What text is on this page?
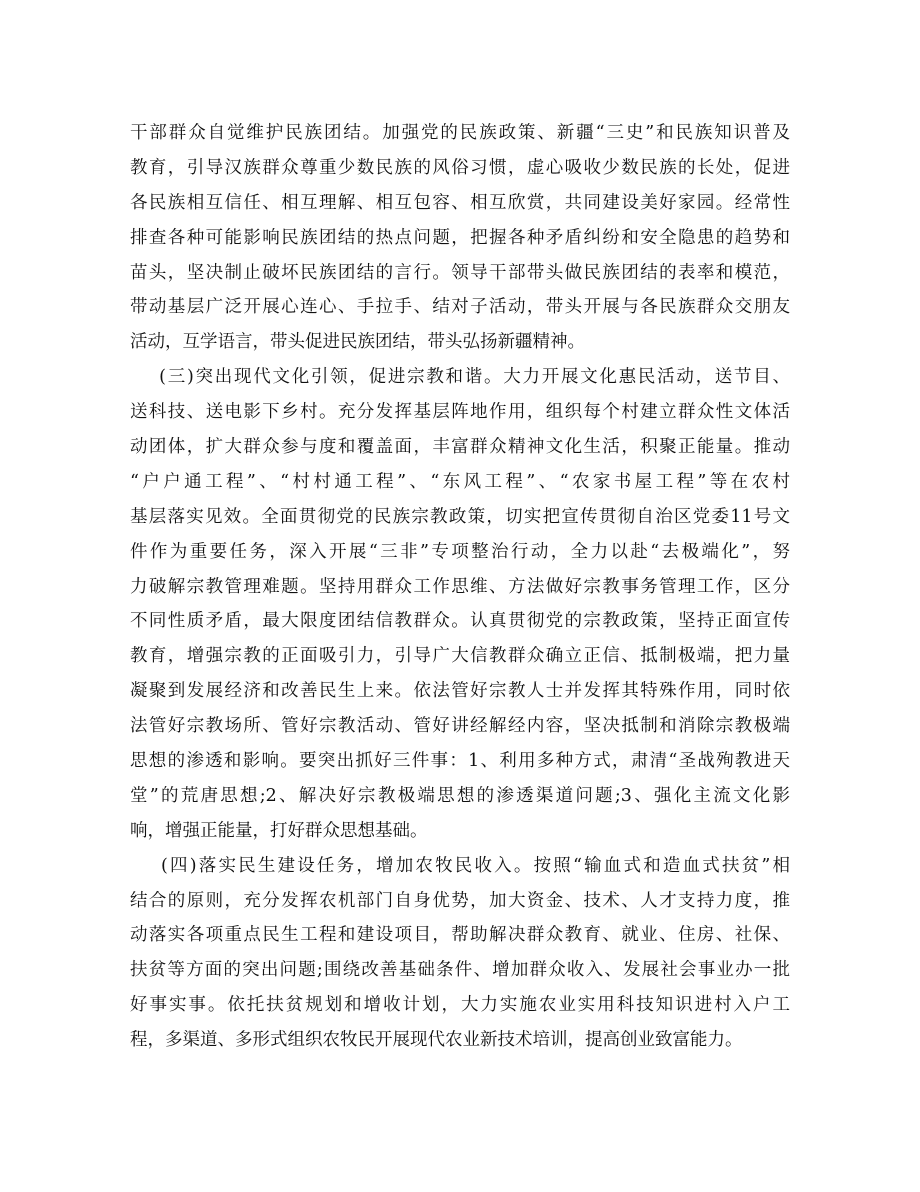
干部群众自觉维护民族团结。加强党的民族政策、新疆“三史”和民族知识普及
教育，引导汉族群众尊重少数民族的风俗习惯，虚心吸收少数民族的长处，促进
各民族相互信任、相互理解、相互包容、相互欣赏，共同建设美好家园。经常性
排查各种可能影响民族团结的热点问题，把握各种矛盾纠纷和安全隐患的趋势和
苗头，坚决制止破坏民族团结的言行。领导干部带头做民族团结的表率和模范，
带动基层广泛开展心连心、手拉手、结对子活动，带头开展与各民族群众交朋友
活动，互学语言，带头促进民族团结，带头弘扬新疆精神。
(三)突出现代文化引领，促进宗教和谐。大力开展文化惠民活动，送节目、
送科技、送电影下乡村。充分发挥基层阵地作用，组织每个村建立群众性文体活
动团体，扩大群众参与度和覆盖面，丰富群众精神文化生活，积聚正能量。推动
“户户通工程”、“村村通工程”、“东风工程”、“农家书屋工程”等在农村
基层落实见效。全面贯彻党的民族宗教政策，切实把宣传贯彻自治区党委11号文
件作为重要任务，深入开展“三非”专项整治行动，全力以赴“去极端化”，努
力破解宗教管理难题。坚持用群众工作思维、方法做好宗教事务管理工作，区分
不同性质矛盾，最大限度团结信教群众。认真贯彻党的宗教政策，坚持正面宣传
教育，增强宗教的正面吸引力，引导广大信教群众确立正信、抵制极端，把力量
凝聚到发展经济和改善民生上来。依法管好宗教人士并发挥其特殊作用，同时依
法管好宗教场所、管好宗教活动、管好讲经解经内容，坚决抵制和消除宗教极端
思想的渗透和影响。要突出抓好三件事：1、利用多种方式，肃清“圣战殉教进天
堂”的荒唐思想;2、解决好宗教极端思想的渗透渠道问题;3、强化主流文化影
响，增强正能量，打好群众思想基础。
(四)落实民生建设任务，增加农牧民收入。按照“输血式和造血式扶贫”相
结合的原则，充分发挥农机部门自身优势，加大资金、技术、人才支持力度，推
动落实各项重点民生工程和建设项目，帮助解决群众教育、就业、住房、社保、
扶贫等方面的突出问题;围绕改善基础条件、增加群众收入、发展社会事业办一批
好事实事。依托扶贫规划和增收计划，大力实施农业实用科技知识进村入户工
程，多渠道、多形式组织农牧民开展现代农业新技术培训，提高创业致富能力。
